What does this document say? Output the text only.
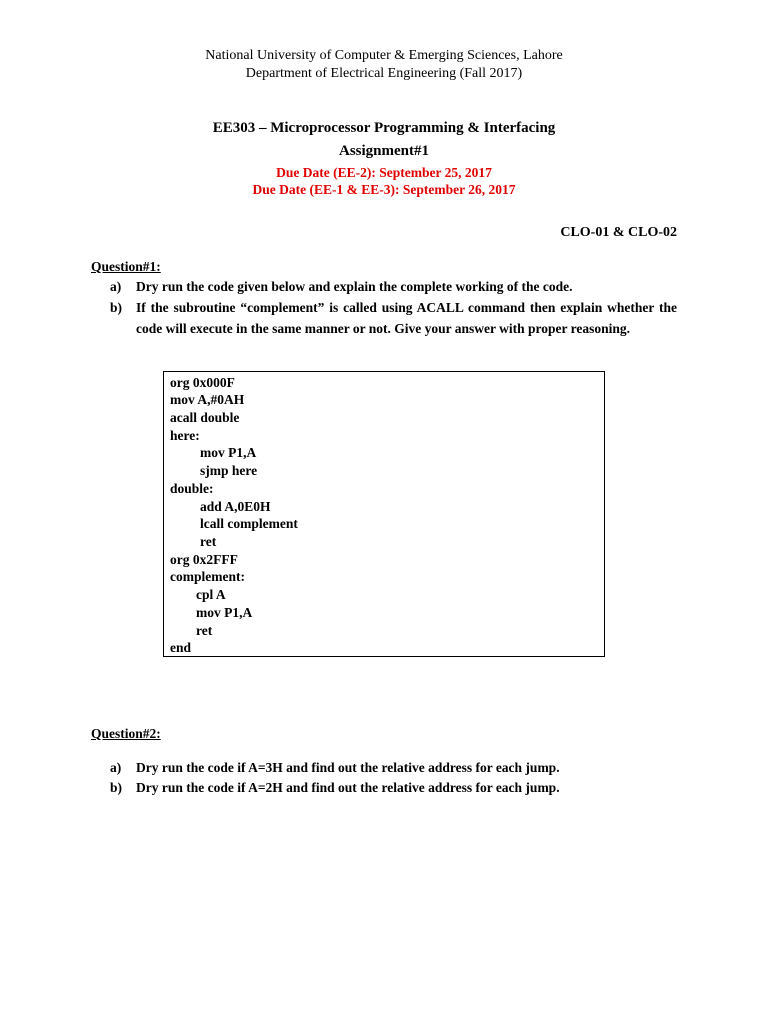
National University of Computer & Emerging Sciences, Lahore
Department of Electrical Engineering (Fall 2017)
EE303 – Microprocessor Programming & Interfacing
Assignment#1
Due Date (EE-2): September 25, 2017
Due Date (EE-1 & EE-3): September 26, 2017
CLO-01 & CLO-02
Question#1:
a)	Dry run the code given below and explain the complete working of the code.
b)	If the subroutine “complement” is called using ACALL command then explain whether the code will execute in the same manner or not. Give your answer with proper reasoning.
org 0x000F
mov A,#0AH
acall double
here:
mov P1,A
sjmp here
double:
add A,0E0H
lcall complement
ret
org 0x2FFF
complement:
cpl A
mov P1,A
ret
end
Question#2:
a)	Dry run the code if A=3H and find out the relative address for each jump.
b)	Dry run the code if A=2H and find out the relative address for each jump.
